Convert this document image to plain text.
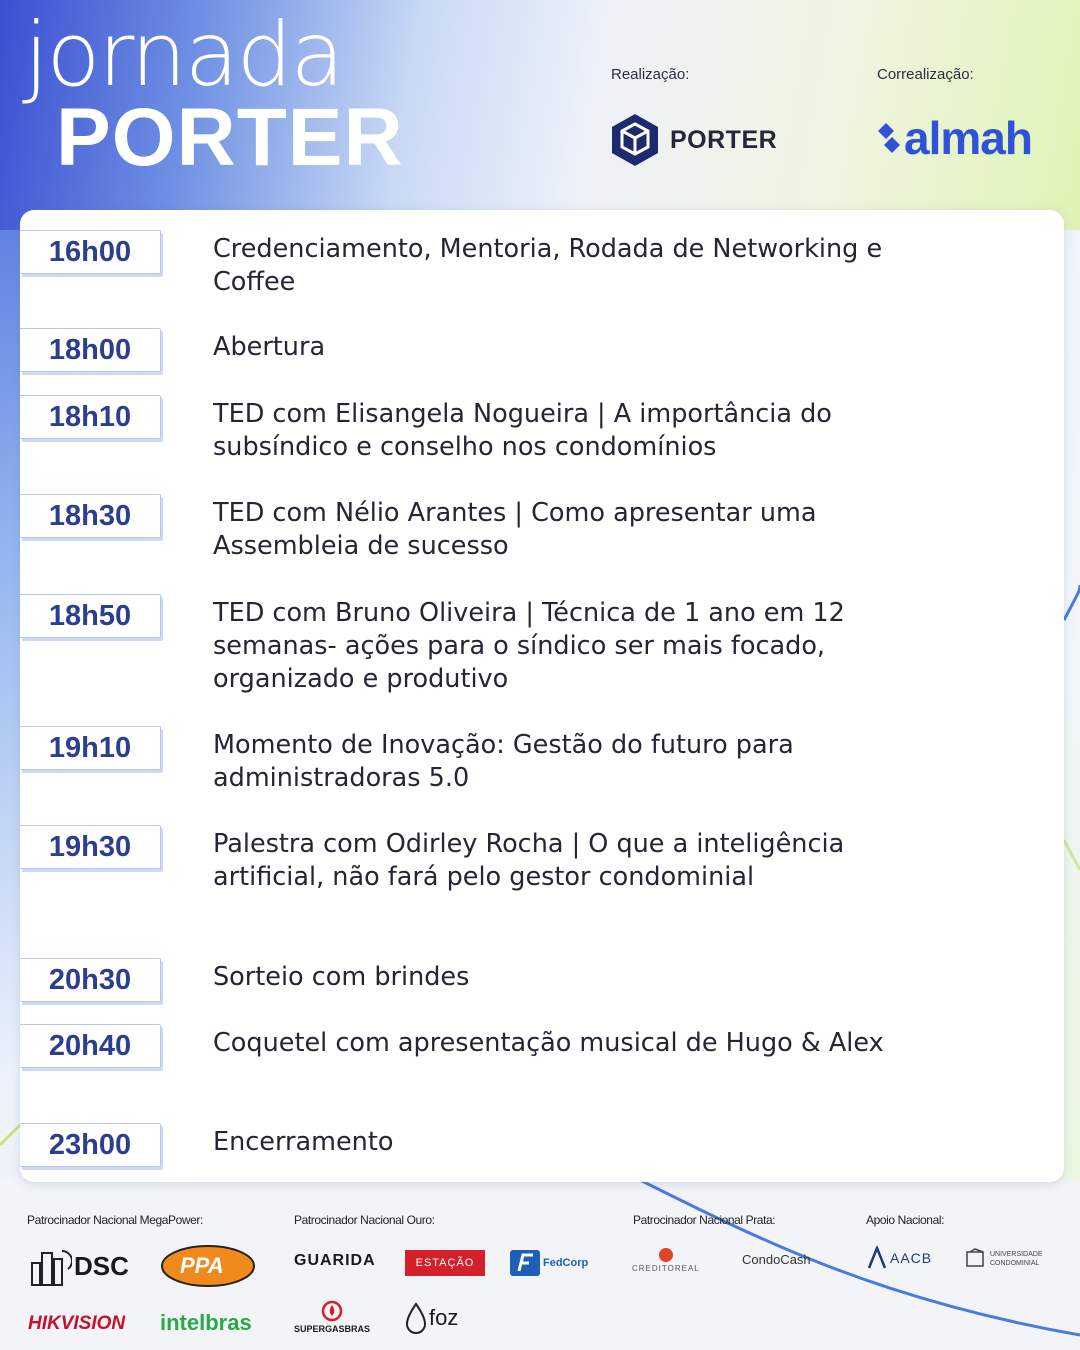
jornada
PORTER
Realização:	Correalização:
PORTER	almah
16h00	Credenciamento, Mentoria, Rodada de Networking e Coffee
18h00	Abertura
18h10	TED com Elisangela Nogueira | A importância do subsíndico e conselho nos condomínios
18h30	TED com Nélio Arantes | Como apresentar uma Assembleia de sucesso
18h50	TED com Bruno Oliveira | Técnica de 1 ano em 12 semanas- ações para o síndico ser mais focado, organizado e produtivo
19h10	Momento de Inovação: Gestão do futuro para administradoras 5.0
19h30	Palestra com Odirley Rocha | O que a inteligência artificial, não fará pelo gestor condominial
20h30	Sorteio com brindes
20h40	Coquetel com apresentação musical de Hugo & Alex
23h00	Encerramento
Patrocinador Nacional MegaPower:	Patrocinador Nacional Ouro:	Patrocinador Nacional Prata:	Apoio Nacional:
DSC PPA
HIKVISION intelbras
GUARIDA	ESTAÇÃO	FedCorp
SUPERGASBRAS	foz
CREDITOREAL
CondoCash	AACB	UNIVERSIDADE CONDOMINIAL
